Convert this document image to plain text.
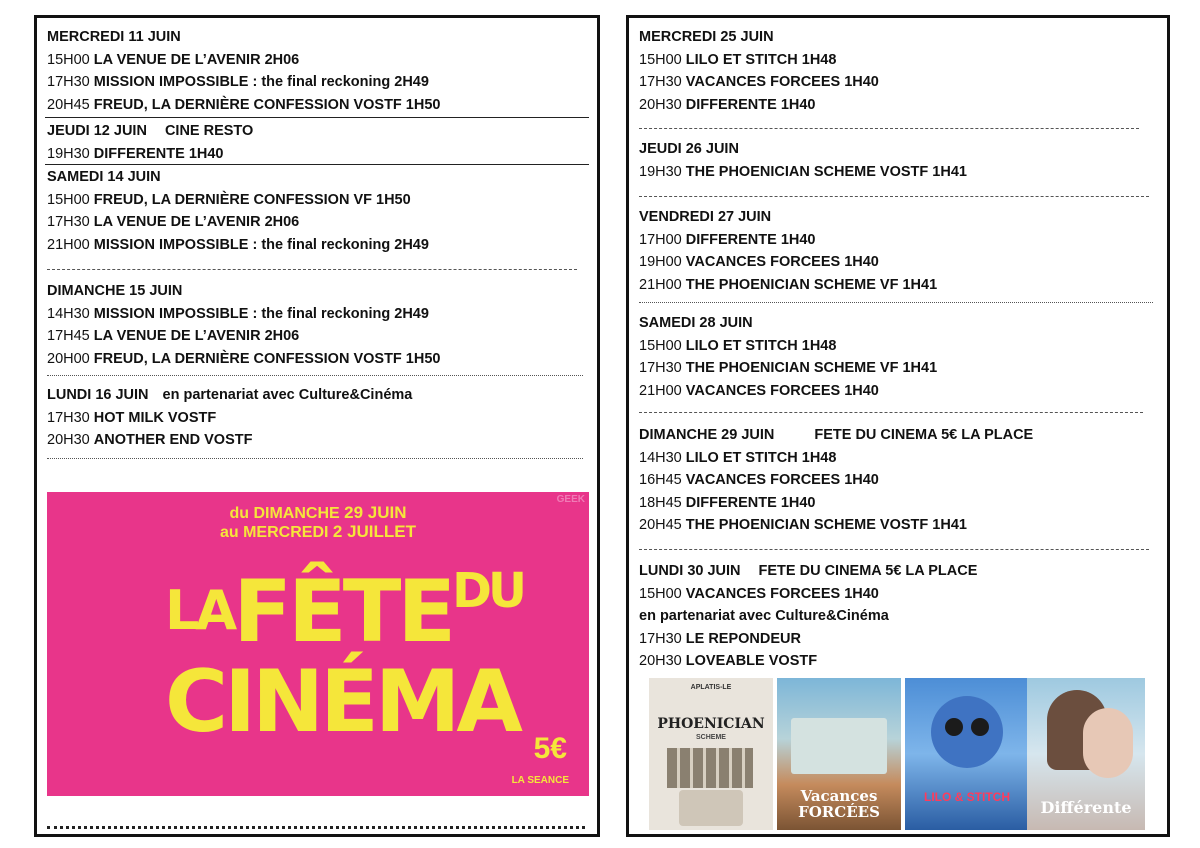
MERCREDI 11 JUIN
15H00 LA VENUE DE L’AVENIR 2H06
17H30 MISSION IMPOSSIBLE : the final reckoning 2H49
20H45 FREUD, LA DERNIÈRE CONFESSION VOSTF 1H50
JEUDI 12 JUIN CINE RESTO
19H30 DIFFERENTE 1H40
SAMEDI 14 JUIN
15H00 FREUD, LA DERNIÈRE CONFESSION VF 1H50
17H30 LA VENUE DE L’AVENIR 2H06
21H00 MISSION IMPOSSIBLE : the final reckoning 2H49
DIMANCHE 15 JUIN
14H30 MISSION IMPOSSIBLE : the final reckoning 2H49
17H45 LA VENUE DE L’AVENIR 2H06
20H00 FREUD, LA DERNIÈRE CONFESSION VOSTF 1H50
LUNDI 16 JUIN en partenariat avec Culture&Cinéma
17H30 HOT MILK VOSTF
20H30 ANOTHER END VOSTF
GEEK
du DIMANCHE 29 JUIN
au MERCREDI 2 JUILLET
$LAFÊTE^{DU}$
CINÉMA 5€
LA SEANCE
MERCREDI 25 JUIN
15H00 LILO ET STITCH 1H48
17H30 VACANCES FORCEES 1H40
20H30 DIFFERENTE 1H40
JEUDI 26 JUIN
19H30 THE PHOENICIAN SCHEME VOSTF 1H41
VENDREDI 27 JUIN
17H00 DIFFERENTE 1H40
19H00 VACANCES FORCEES 1H40
21H00 THE PHOENICIAN SCHEME VF 1H41
SAMEDI 28 JUIN
15H00 LILO ET STITCH 1H48
17H30 THE PHOENICIAN SCHEME VF 1H41
21H00 VACANCES FORCEES 1H40
DIMANCHE 29 JUIN	FETE DU CINEMA 5€ LA PLACE
14H30 LILO ET STITCH 1H48
16H45 VACANCES FORCEES 1H40
18H45 DIFFERENTE 1H40
20H45 THE PHOENICIAN SCHEME VOSTF 1H41
LUNDI 30 JUIN FETE DU CINEMA 5€ LA PLACE
15H00 VACANCES FORCEES 1H40
en partenariat avec Culture&Cinéma
17H30 LE REPONDEUR
20H30 LOVEABLE VOSTF
APLATIS-LE
PHOENICIAN
SCHEME
Vacances FORCÉES
LILO & STITCH
Différente
